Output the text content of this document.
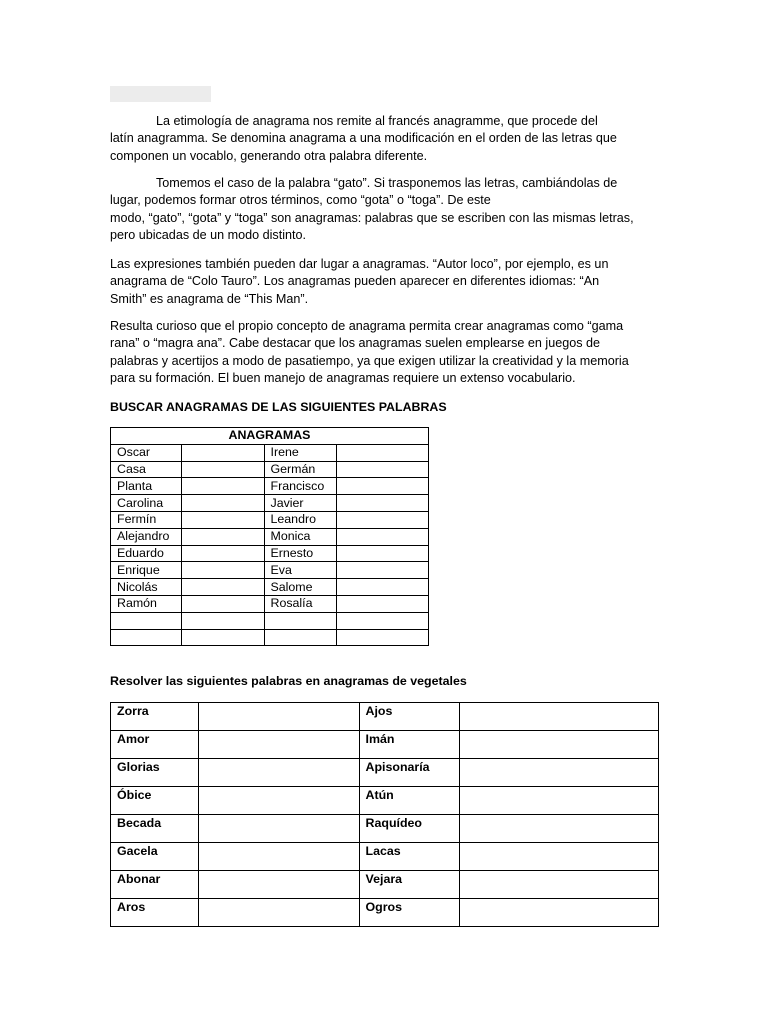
La etimología de anagrama nos remite al francés anagramme, que procede del
latín anagramma. Se denomina anagrama a una modificación en el orden de las letras que
componen un vocablo, generando otra palabra diferente.

Tomemos el caso de la palabra “gato”. Si trasponemos las letras, cambiándolas de
lugar, podemos formar otros términos, como “gota” o “toga”. De este
modo, “gato”, “gota” y “toga” son anagramas: palabras que se escriben con las mismas letras,
pero ubicadas de un modo distinto.

Las expresiones también pueden dar lugar a anagramas. “Autor loco”, por ejemplo, es un
anagrama de “Colo Tauro”. Los anagramas pueden aparecer en diferentes idiomas: “An
Smith” es anagrama de “This Man”.

Resulta curioso que el propio concepto de anagrama permita crear anagramas como “gama
rana” o “magra ana”. Cabe destacar que los anagramas suelen emplearse en juegos de
palabras y acertijos a modo de pasatiempo, ya que exigen utilizar la creatividad y la memoria
para su formación. El buen manejo de anagramas requiere un extenso vocabulario.

BUSCAR ANAGRAMAS DE LAS SIGUIENTES PALABRAS

ANAGRAMAS			
Oscar		Irene	
Casa		Germán	
Planta		Francisco	
Carolina		Javier	
Fermín		Leandro	
Alejandro		Monica	
Eduardo		Ernesto	
Enrique		Eva	
Nicolás		Salome	
Ramón		Rosalía	

Resolver las siguientes palabras en anagramas de vegetales

Zorra		Ajos	
Amor		Imán	
Glorias		Apisonaría	
Óbice		Atún	
Becada		Raquídeo	
Gacela		Lacas	
Abonar		Vejara	
Aros		Ogros	
